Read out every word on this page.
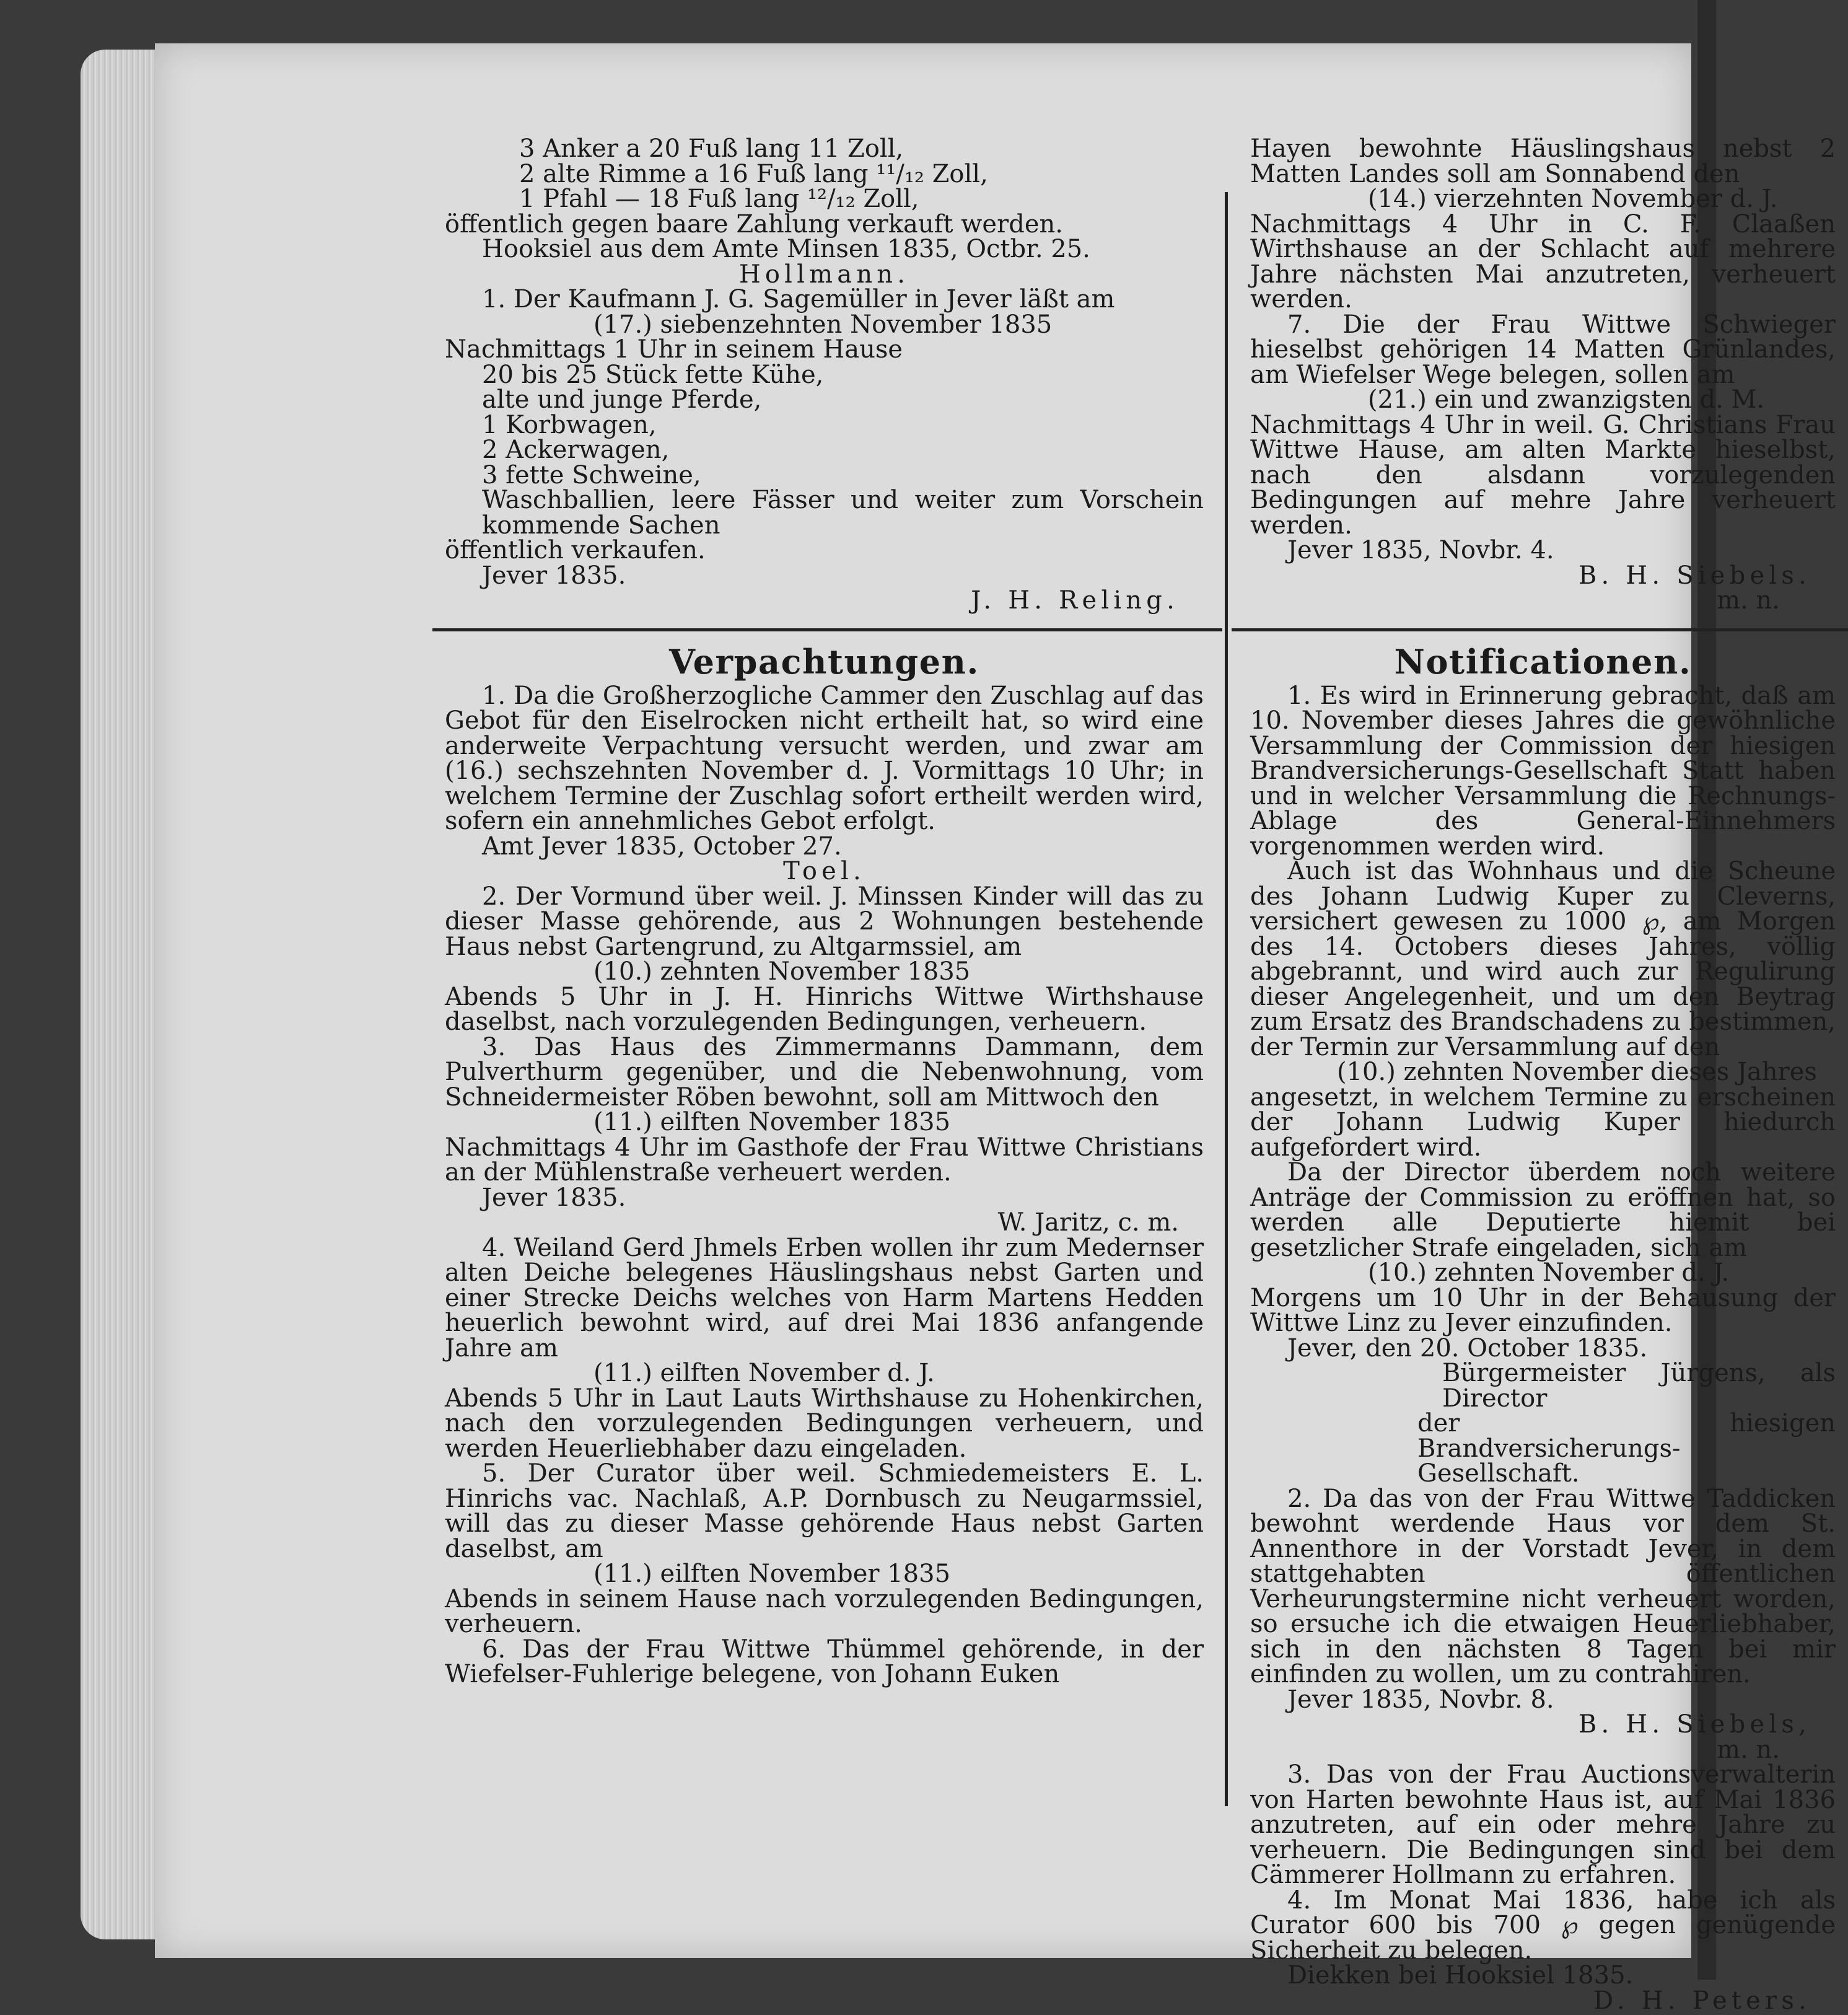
3 Anker a 20 Fuß lang 11 Zoll,

2 alte Rimme a 16 Fuß lang ¹¹/₁₂ Zoll,

1 Pfahl — 18 Fuß lang ¹²/₁₂ Zoll,

öffentlich gegen baare Zahlung verkauft werden.

Hooksiel aus dem Amte Minsen 1835, Octbr. 25.

Hollmann.

1. Der Kaufmann J. G. Sagemüller in Jever läßt am

(17.) siebenzehnten November 1835

Nachmittags 1 Uhr in seinem Hause

20 bis 25 Stück fette Kühe,

alte und junge Pferde,

1 Korbwagen,

2 Ackerwagen,

3 fette Schweine,

Waschballien, leere Fässer und weiter zum Vorschein kommende Sachen

öffentlich verkaufen.

Jever 1835.

J. H. Reling.

Verpachtungen.

1. Da die Großherzogliche Cammer den Zuschlag auf das Gebot für den Eiselrocken nicht ertheilt hat, so wird eine anderweite Verpachtung versucht werden, und zwar am (16.) sechszehnten November d. J. Vormittags 10 Uhr; in welchem Termine der Zuschlag sofort ertheilt werden wird, sofern ein annehmliches Gebot erfolgt.

Amt Jever 1835, October 27.

Toel.

2. Der Vormund über weil. J. Minssen Kinder will das zu dieser Masse gehörende, aus 2 Wohnungen bestehende Haus nebst Gartengrund, zu Altgarmssiel, am

(10.) zehnten November 1835

Abends 5 Uhr in J. H. Hinrichs Wittwe Wirthshause daselbst, nach vorzulegenden Bedingungen, verheuern.

3. Das Haus des Zimmermanns Dammann, dem Pulverthurm gegenüber, und die Nebenwohnung, vom Schneidermeister Röben bewohnt, soll am Mittwoch den

(11.) eilften November 1835

Nachmittags 4 Uhr im Gasthofe der Frau Wittwe Christians an der Mühlenstraße verheuert werden.

Jever 1835.

W. Jaritz, c. m.

4. Weiland Gerd Jhmels Erben wollen ihr zum Medernser alten Deiche belegenes Häuslingshaus nebst Garten und einer Strecke Deichs welches von Harm Martens Hedden heuerlich bewohnt wird, auf drei Mai 1836 anfangende Jahre am

(11.) eilften November d. J.

Abends 5 Uhr in Laut Lauts Wirthshause zu Hohenkirchen, nach den vorzulegenden Bedingungen verheuern, und werden Heuerliebhaber dazu eingeladen.

5. Der Curator über weil. Schmiedemeisters E. L. Hinrichs vac. Nachlaß, A.P. Dornbusch zu Neugarmssiel, will das zu dieser Masse gehörende Haus nebst Garten daselbst, am

(11.) eilften November 1835

Abends in seinem Hause nach vorzulegenden Bedingungen, verheuern.

6. Das der Frau Wittwe Thümmel gehörende, in der Wiefelser-Fuhlerige belegene, von Johann Euken

Hayen bewohnte Häuslingshaus nebst 2 Matten Landes soll am Sonnabend den

(14.) vierzehnten November d. J.

Nachmittags 4 Uhr in C. F. Claaßen Wirthshause an der Schlacht auf mehrere Jahre nächsten Mai anzutreten, verheuert werden.

7. Die der Frau Wittwe Schwieger hieselbst gehörigen 14 Matten Grünlandes, am Wiefelser Wege belegen, sollen am

(21.) ein und zwanzigsten d. M.

Nachmittags 4 Uhr in weil. G. Christians Frau Wittwe Hause, am alten Markte hieselbst, nach den alsdann vorzulegenden Bedingungen auf mehre Jahre verheuert werden.

Jever 1835, Novbr. 4.

B. H. Siebels.

m. n.

Notificationen.

1. Es wird in Erinnerung gebracht, daß am 10. November dieses Jahres die gewöhnliche Versammlung der Commission der hiesigen Brandversicherungs-Gesellschaft Statt haben und in welcher Versammlung die Rechnungs-Ablage des General-Einnehmers vorgenommen werden wird.

Auch ist das Wohnhaus und die Scheune des Johann Ludwig Kuper zu Cleverns, versichert gewesen zu 1000 ℘, am Morgen des 14. Octobers dieses Jahres, völlig abgebrannt, und wird auch zur Regulirung dieser Angelegenheit, und um den Beytrag zum Ersatz des Brandschadens zu bestimmen, der Termin zur Versammlung auf den

(10.) zehnten November dieses Jahres

angesetzt, in welchem Termine zu erscheinen der Johann Ludwig Kuper hiedurch aufgefordert wird.

Da der Director überdem noch weitere Anträge der Commission zu eröffnen hat, so werden alle Deputierte hiemit bei gesetzlicher Strafe eingeladen, sich am

(10.) zehnten November d. J.

Morgens um 10 Uhr in der Behausung der Wittwe Linz zu Jever einzufinden.

Jever, den 20. October 1835.

Bürgermeister Jürgens, als Director

der hiesigen Brandversicherungs-Gesellschaft.

2. Da das von der Frau Wittwe Taddicken bewohnt werdende Haus vor dem St. Annenthore in der Vorstadt Jever, in dem stattgehabten öffentlichen Verheurungstermine nicht verheuert worden, so ersuche ich die etwaigen Heuerliebhaber, sich in den nächsten 8 Tagen bei mir einfinden zu wollen, um zu contrahiren.

Jever 1835, Novbr. 8.

B. H. Siebels,

m. n.

3. Das von der Frau Auctionsverwalterin von Harten bewohnte Haus ist, auf Mai 1836 anzutreten, auf ein oder mehre Jahre zu verheuern. Die Bedingungen sind bei dem Cämmerer Hollmann zu erfahren.

4. Im Monat Mai 1836, habe ich als Curator 600 bis 700 ℘ gegen genügende Sicherheit zu belegen.

Diekken bei Hooksiel 1835.

D. H. Peters.
